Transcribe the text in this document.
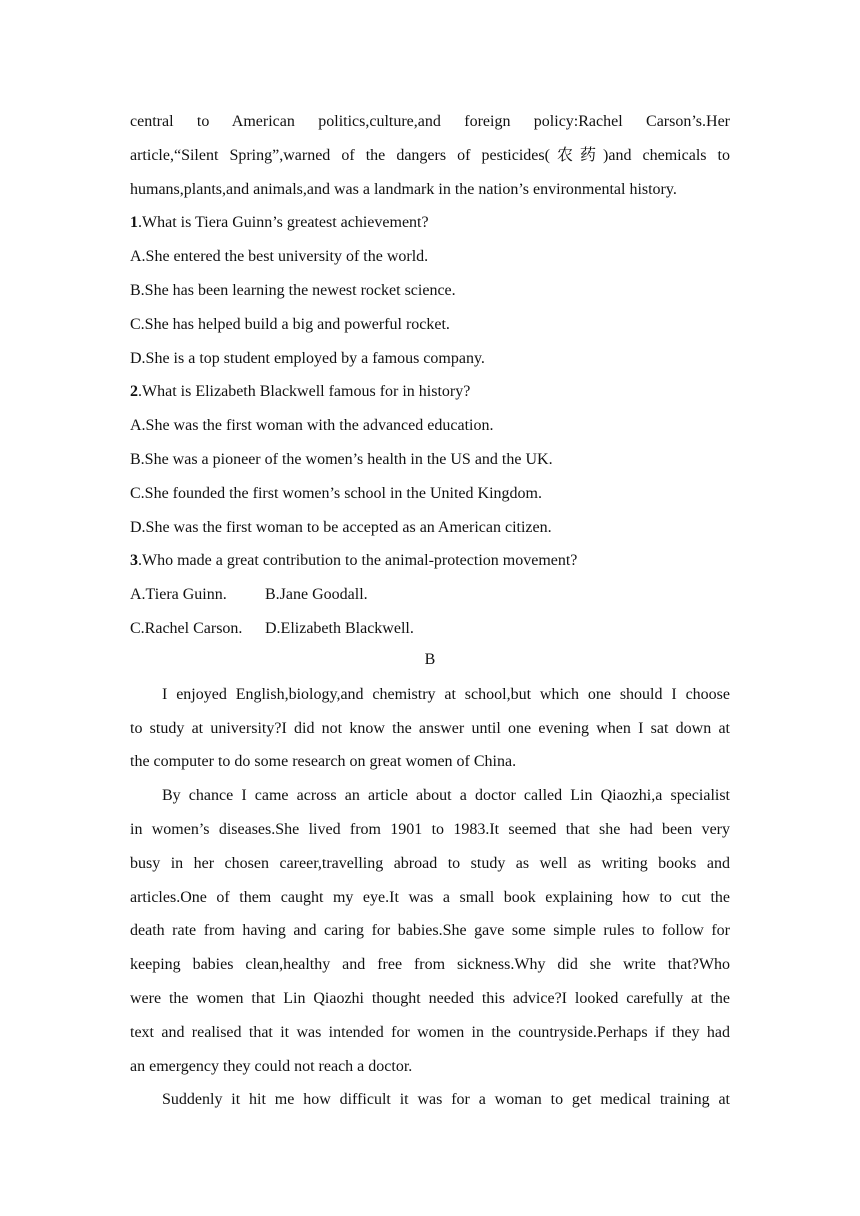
central to American politics,culture,and foreign policy:Rachel Carson’s.Her
article,“Silent Spring”,warned of the dangers of pesticides(农药)and chemicals to
humans,plants,and animals,and was a landmark in the nation’s environmental history.
1.What is Tiera Guinn’s greatest achievement?
A.She entered the best university of the world.
B.She has been learning the newest rocket science.
C.She has helped build a big and powerful rocket.
D.She is a top student employed by a famous company.
2.What is Elizabeth Blackwell famous for in history?
A.She was the first woman with the advanced education.
B.She was a pioneer of the women’s health in the US and the UK.
C.She founded the first women’s school in the United Kingdom.
D.She was the first woman to be accepted as an American citizen.
3.Who made a great contribution to the animal-protection movement?
A.Tiera Guinn. B.Jane Goodall.
C.Rachel Carson. D.Elizabeth Blackwell.
B
I enjoyed English,biology,and chemistry at school,but which one should I choose
to study at university?I did not know the answer until one evening when I sat down at
the computer to do some research on great women of China.
By chance I came across an article about a doctor called Lin Qiaozhi,a specialist
in women’s diseases.She lived from 1901 to 1983.It seemed that she had been very
busy in her chosen career,travelling abroad to study as well as writing books and
articles.One of them caught my eye.It was a small book explaining how to cut the
death rate from having and caring for babies.She gave some simple rules to follow for
keeping babies clean,healthy and free from sickness.Why did she write that?Who
were the women that Lin Qiaozhi thought needed this advice?I looked carefully at the
text and realised that it was intended for women in the countryside.Perhaps if they had
an emergency they could not reach a doctor.
Suddenly it hit me how difficult it was for a woman to get medical training at
